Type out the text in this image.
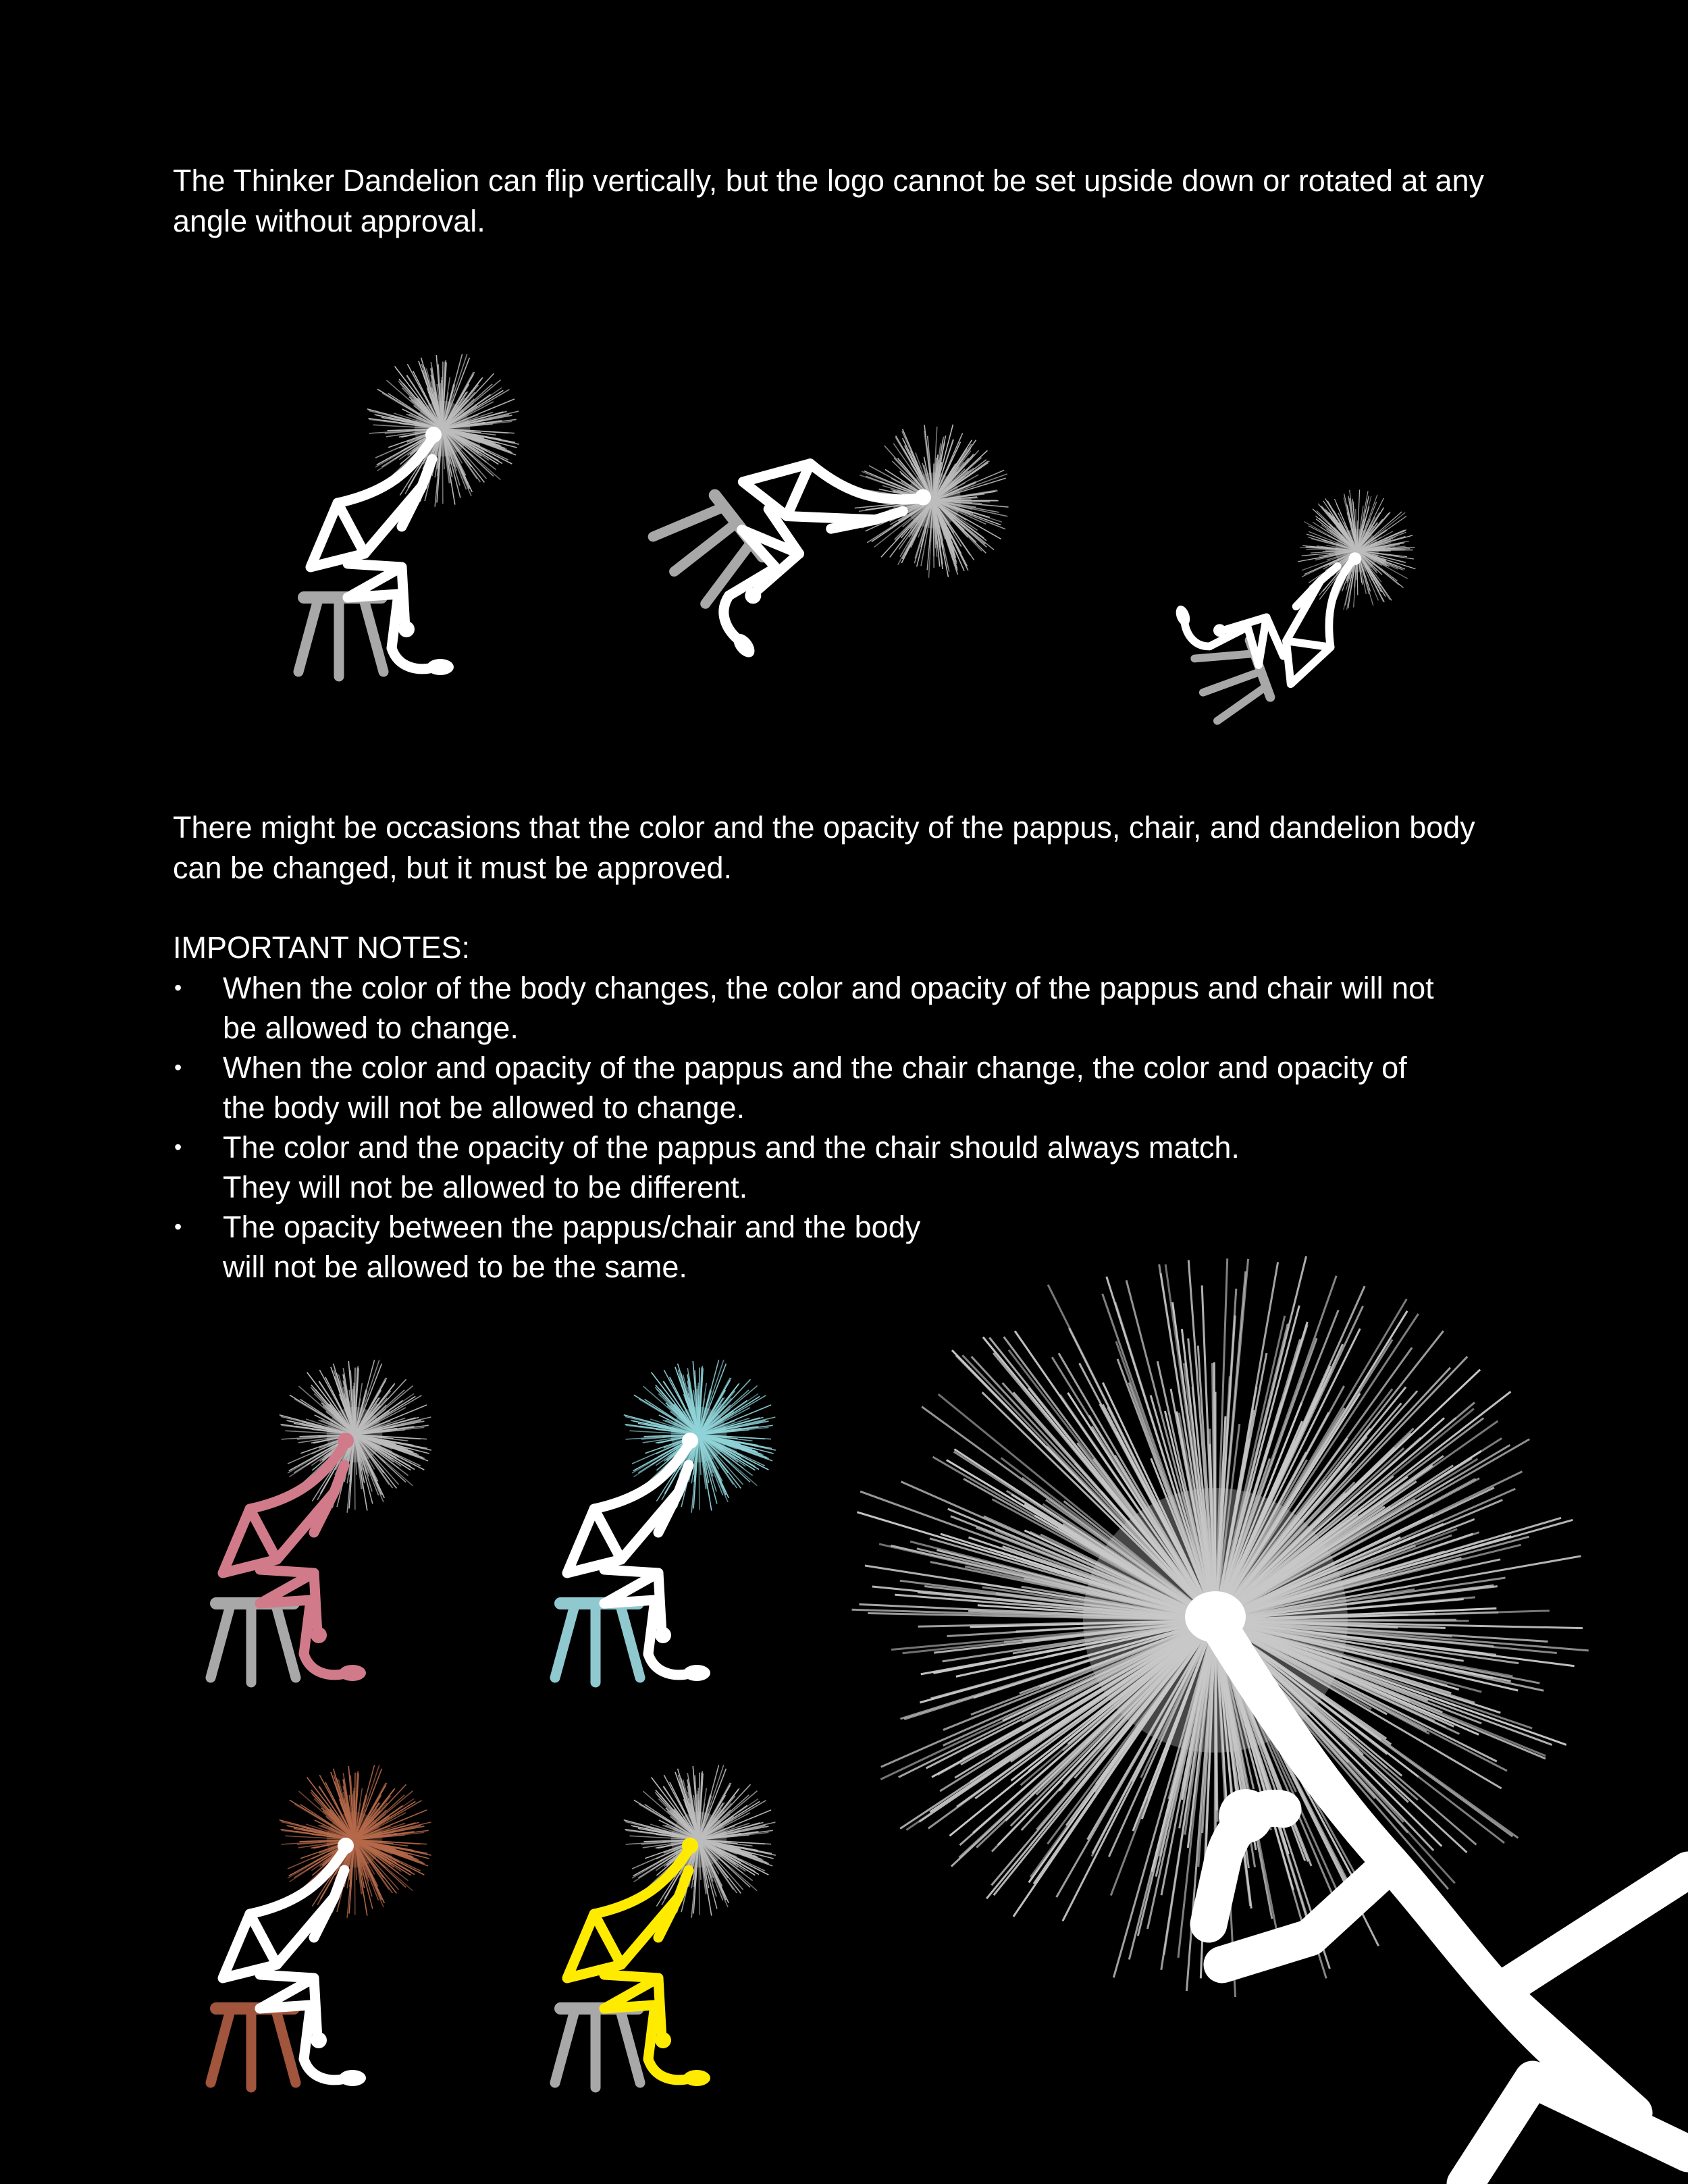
The Thinker Dandelion can flip vertically, but the logo cannot be set upside down or rotated at any angle without approval.

There might be occasions that the color and the opacity of the pappus, chair, and dandelion body can be changed, but it must be approved.

IMPORTANT NOTES:

• When the color of the body changes, the color and opacity of the pappus and chair will not
be allowed to change.
• When the color and opacity of the pappus and the chair change, the color and opacity of
the body will not be allowed to change.
• The color and the opacity of the pappus and the chair should always match.
They will not be allowed to be different.
• The opacity between the pappus/chair and the body
will not be allowed to be the same.
